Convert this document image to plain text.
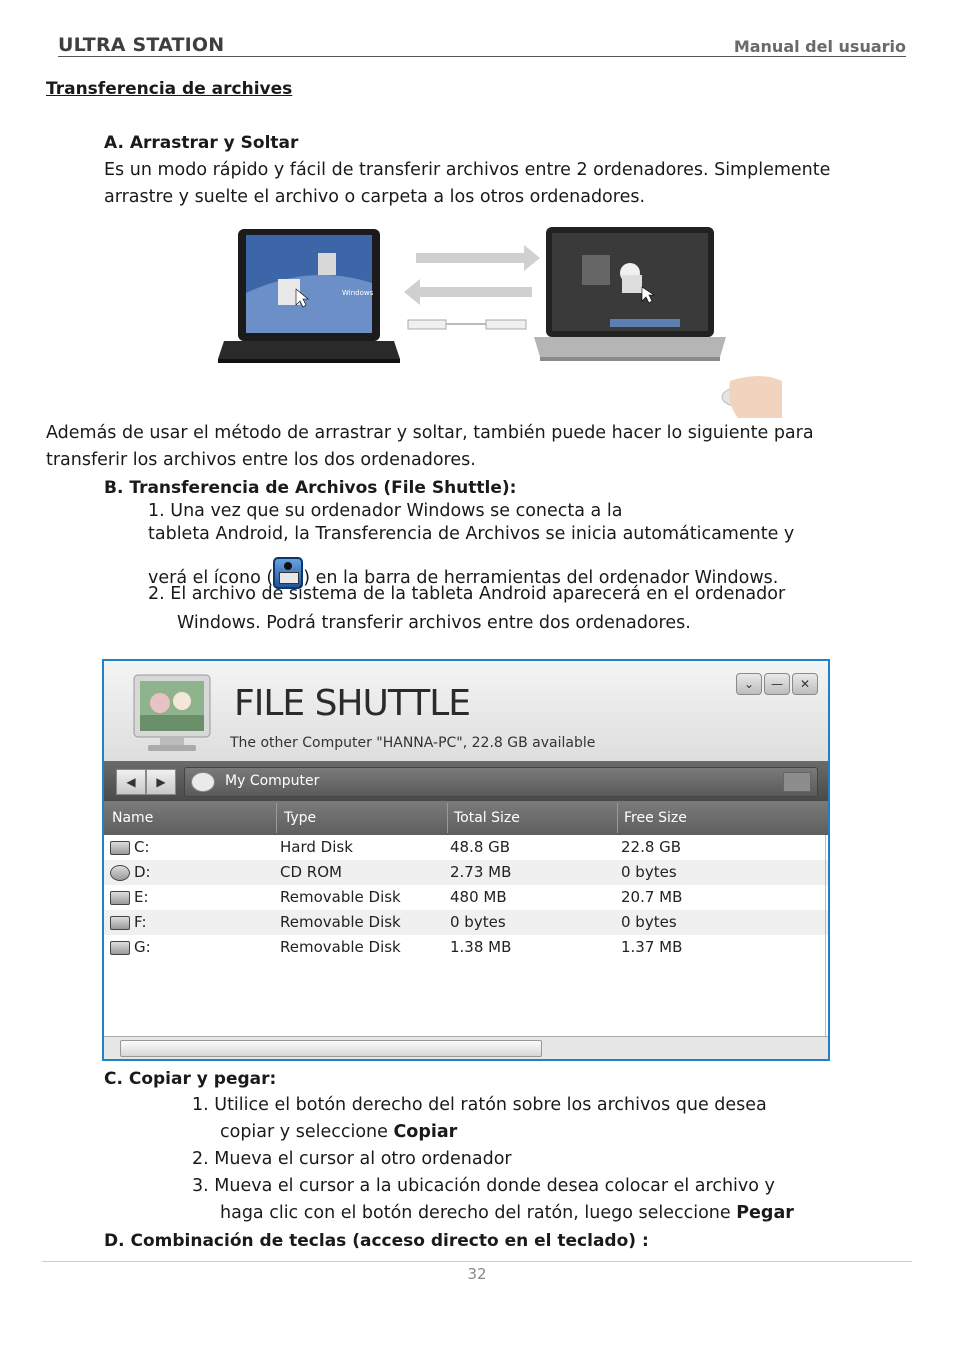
ULTRA STATION	Manual del usuario
Transferencia de archives
A. Arrastrar y Soltar
Es un modo rápido y fácil de transferir archivos entre 2 ordenadores. Simplemente
arrastre y suelte el archivo o carpeta a los otros ordenadores.
Windows
Además de usar el método de arrastrar y soltar, también puede hacer lo siguiente para
transferir los archivos entre los dos ordenadores.
B. Transferencia de Archivos (File Shuttle):
1. Una vez que su ordenador Windows se conecta a la
tableta Android, la Transferencia de Archivos se inicia automáticamente y
verá el ícono ( ) en la barra de herramientas del ordenador Windows.
2. El archivo de sistema de la tableta Android aparecerá en el ordenador
Windows. Podrá transferir archivos entre dos ordenadores.
FILE SHUTTLE
The other Computer "HANNA-PC", 22.8 GB available
⌄	—	✕
◀	▶	My Computer
Name	Type	Total Size	Free Size
C:	Hard Disk	48.8 GB	22.8 GB
D:	CD ROM	2.73 MB	0 bytes
E:	Removable Disk	480 MB	20.7 MB
F:	Removable Disk	0 bytes	0 bytes
G:	Removable Disk	1.38 MB	1.37 MB
C. Copiar y pegar:
1. Utilice el botón derecho del ratón sobre los archivos que desea
copiar y seleccione Copiar
2. Mueva el cursor al otro ordenador
3. Mueva el cursor a la ubicación donde desea colocar el archivo y
haga clic con el botón derecho del ratón, luego seleccione Pegar
D. Combinación de teclas (acceso directo en el teclado) :
32
